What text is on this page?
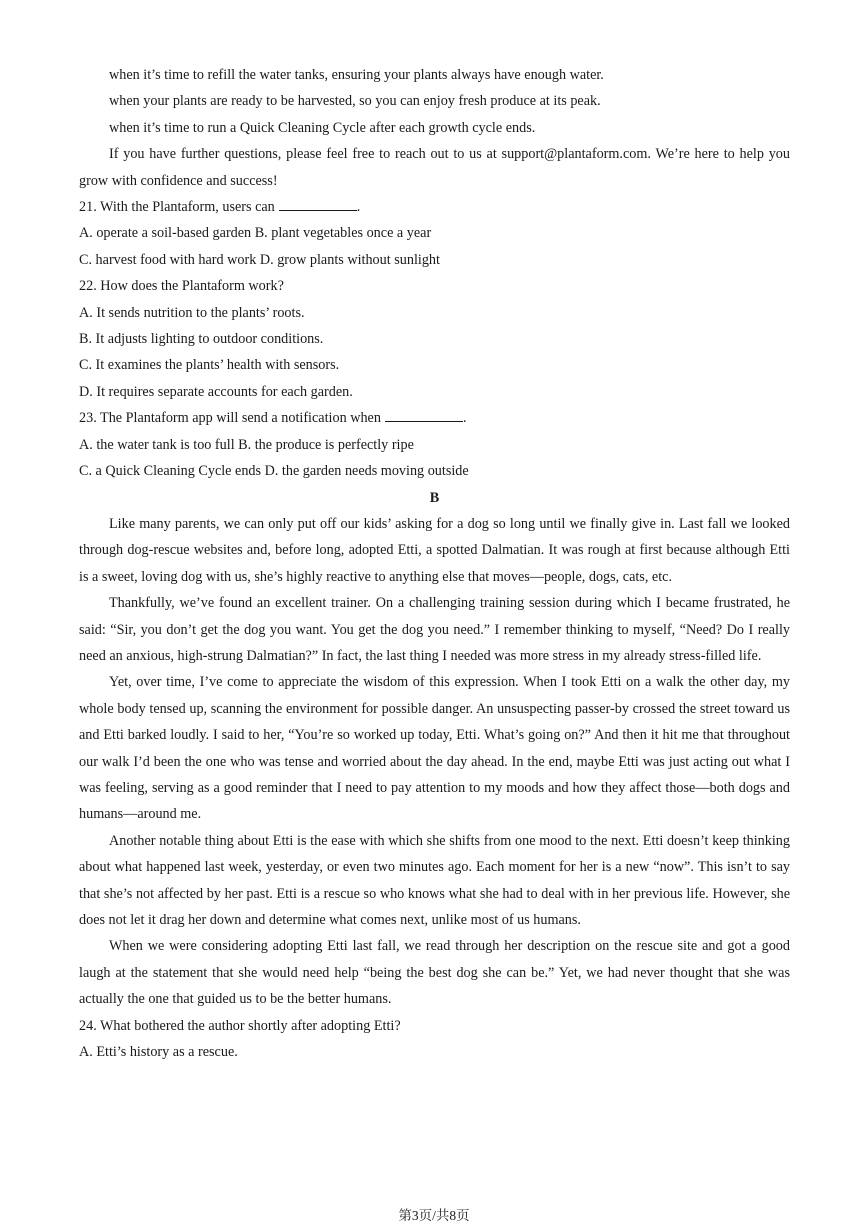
when it’s time to refill the water tanks, ensuring your plants always have enough water.
when your plants are ready to be harvested, so you can enjoy fresh produce at its peak.
when it’s time to run a Quick Cleaning Cycle after each growth cycle ends.
If you have further questions, please feel free to reach out to us at support@plantaform.com. We’re here to help you grow with confidence and success!
21. With the Plantaform, users can	.
A. operate a soil-based garden B. plant vegetables once a year
C. harvest food with hard work D. grow plants without sunlight
22. How does the Plantaform work?
A. It sends nutrition to the plants’ roots.
B. It adjusts lighting to outdoor conditions.
C. It examines the plants’ health with sensors.
D. It requires separate accounts for each garden.
23. The Plantaform app will send a notification when	.
A. the water tank is too full B. the produce is perfectly ripe
C. a Quick Cleaning Cycle ends D. the garden needs moving outside
B
Like many parents, we can only put off our kids’ asking for a dog so long until we finally give in. Last fall we looked through dog-rescue websites and, before long, adopted Etti, a spotted Dalmatian. It was rough at first because although Etti is a sweet, loving dog with us, she’s highly reactive to anything else that moves—people, dogs, cats, etc.
Thankfully, we’ve found an excellent trainer. On a challenging training session during which I became frustrated, he said: “Sir, you don’t get the dog you want. You get the dog you need.” I remember thinking to myself, “Need? Do I really need an anxious, high-strung Dalmatian?” In fact, the last thing I needed was more stress in my already stress-filled life.
Yet, over time, I’ve come to appreciate the wisdom of this expression. When I took Etti on a walk the other day, my whole body tensed up, scanning the environment for possible danger. An unsuspecting passer-by crossed the street toward us and Etti barked loudly. I said to her, “You’re so worked up today, Etti. What’s going on?” And then it hit me that throughout our walk I’d been the one who was tense and worried about the day ahead. In the end, maybe Etti was just acting out what I was feeling, serving as a good reminder that I need to pay attention to my moods and how they affect those—both dogs and humans—around me.
Another notable thing about Etti is the ease with which she shifts from one mood to the next. Etti doesn’t keep thinking about what happened last week, yesterday, or even two minutes ago. Each moment for her is a new “now”. This isn’t to say that she’s not affected by her past. Etti is a rescue so who knows what she had to deal with in her previous life. However, she does not let it drag her down and determine what comes next, unlike most of us humans.
When we were considering adopting Etti last fall, we read through her description on the rescue site and got a good laugh at the statement that she would need help “being the best dog she can be.” Yet, we had never thought that she was actually the one that guided us to be the better humans.
24. What bothered the author shortly after adopting Etti?
A. Etti’s history as a rescue.
第3页/共8页
